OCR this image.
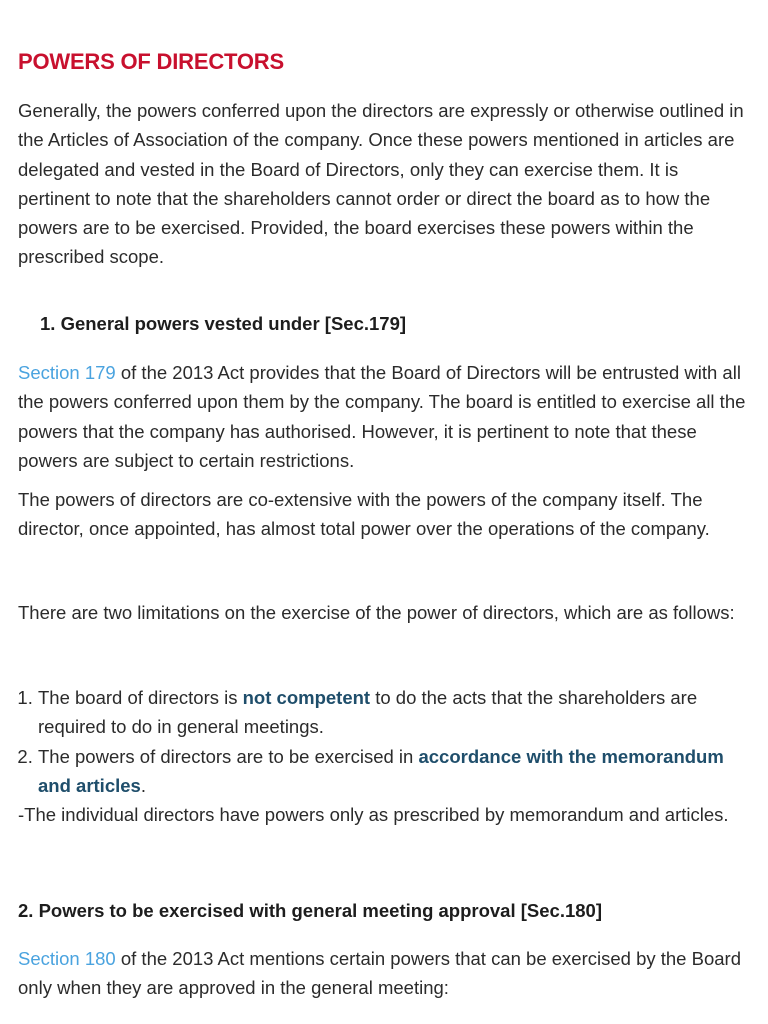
POWERS OF DIRECTORS

Generally, the powers conferred upon the directors are expressly or otherwise outlined in the Articles of Association of the company. Once these powers mentioned in articles are delegated and vested in the Board of Directors, only they can exercise them. It is pertinent to note that the shareholders cannot order or direct the board as to how the powers are to be exercised. Provided, the board exercises these powers within the prescribed scope.

1. General powers vested under [Sec.179]

Section 179 of the 2013 Act provides that the Board of Directors will be entrusted with all the powers conferred upon them by the company. The board is entitled to exercise all the powers that the company has authorised. However, it is pertinent to note that these powers are subject to certain restrictions.

The powers of directors are co-extensive with the powers of the company itself. The director, once appointed, has almost total power over the operations of the company.

There are two limitations on the exercise of the power of directors, which are as follows:

1. The board of directors is not competent to do the acts that the shareholders are required to do in general meetings.
2. The powers of directors are to be exercised in accordance with the memorandum and articles.

-The individual directors have powers only as prescribed by memorandum and articles.

2. Powers to be exercised with general meeting approval [Sec.180]

Section 180 of the 2013 Act mentions certain powers that can be exercised by the Board only when they are approved in the general meeting:
